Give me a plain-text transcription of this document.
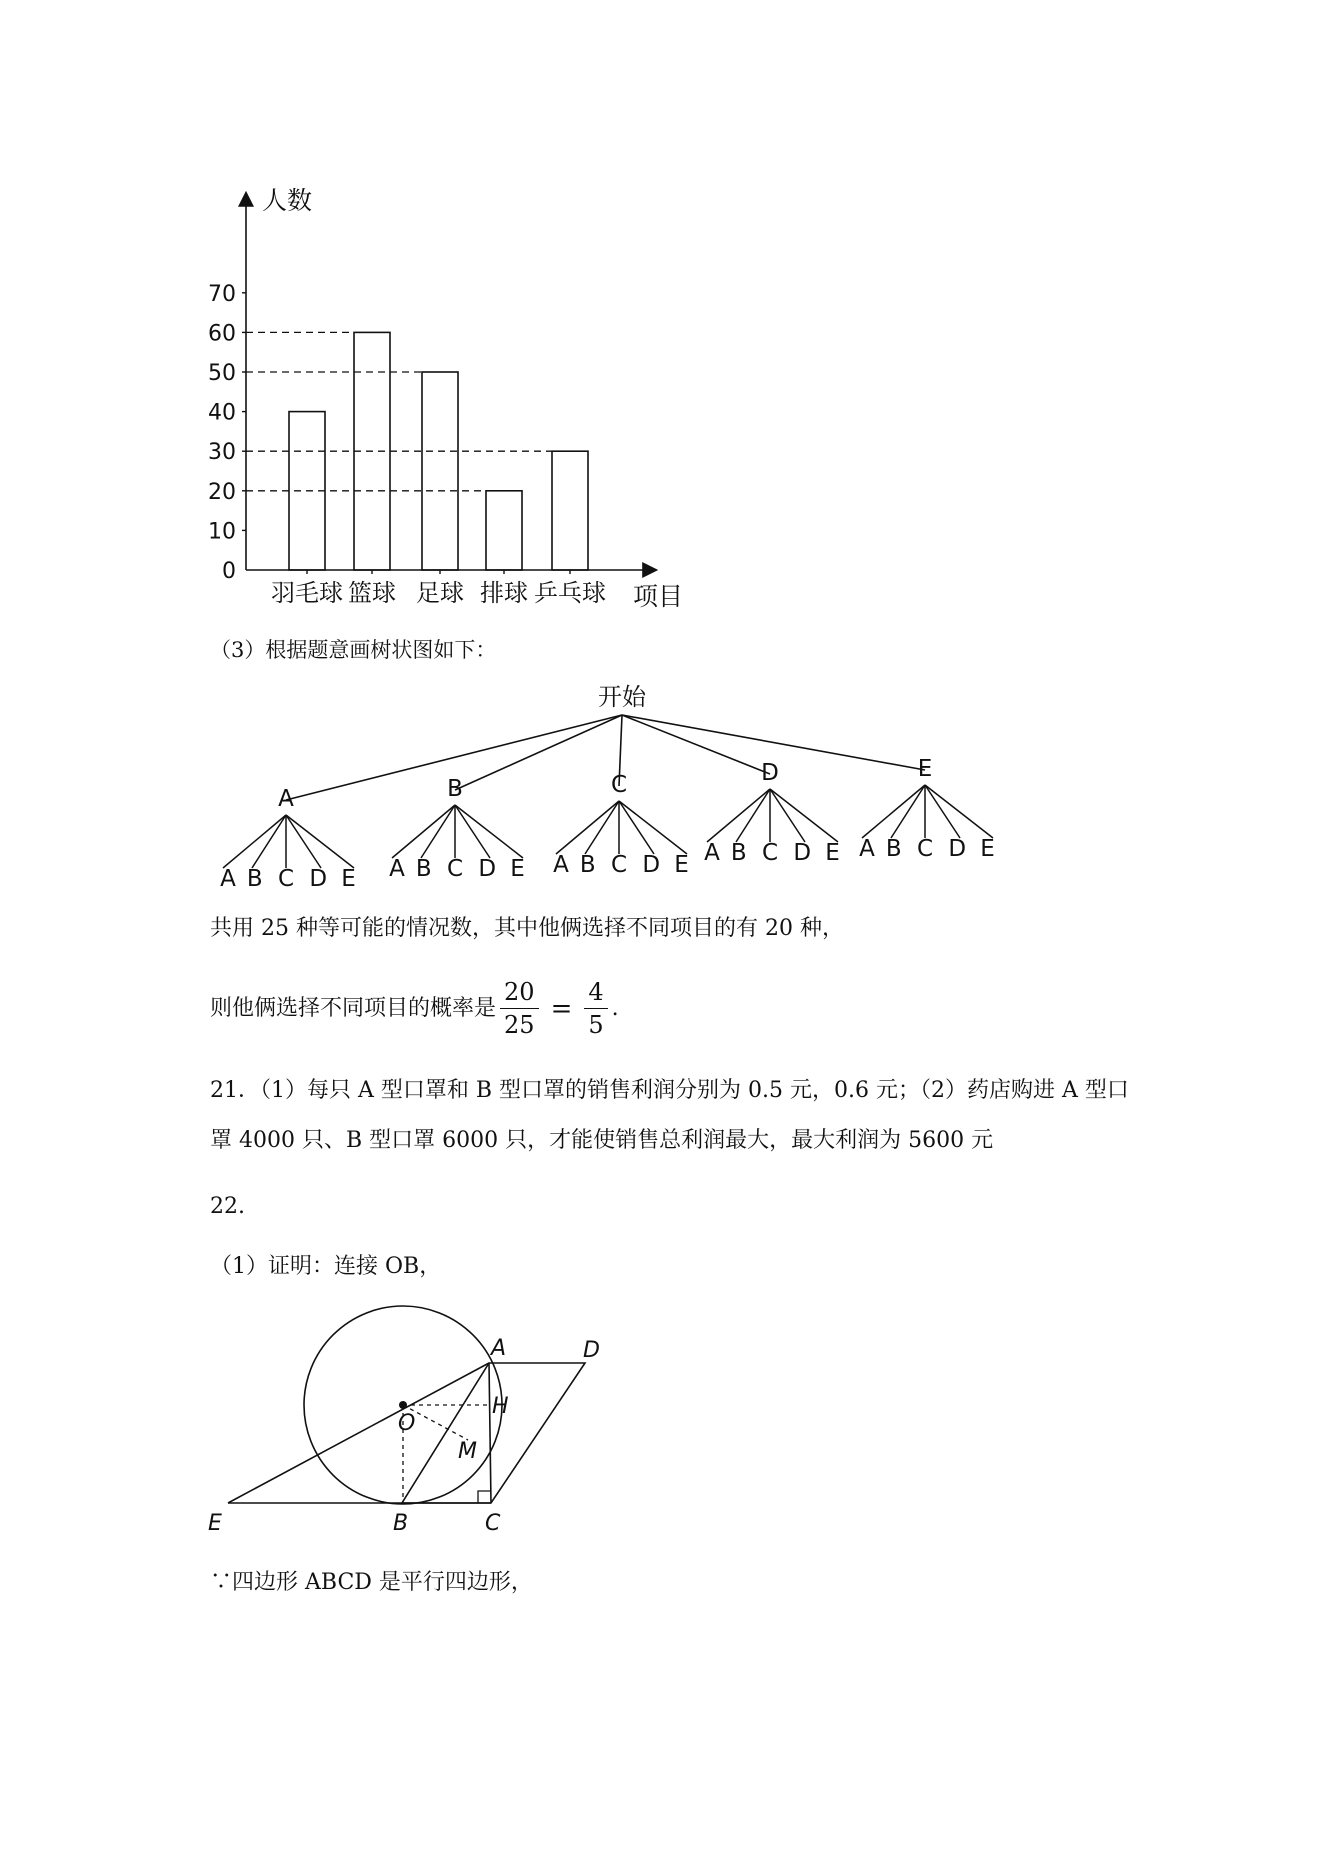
0
10
20
30
40
50
60
70
羽毛球 篮球 足球 排球 乒乓球
人数
项目
（3）根据题意画树状图如下：
开始
A
A B C D E
B
A B C D E
C
A B C D E
D
A B C D E
E
A B C D E
共用 25 种等可能的情况数，其中他俩选择不同项目的有 20 种，
则他俩选择不同项目的概率是 $\frac{20}{25} = \frac{4}{5}$ .
21．（1）每只 A 型口罩和 B 型口罩的销售利润分别为 0.5 元，0.6 元；（2）药店购进 A 型口
罩 4000 只、B 型口罩 6000 只，才能使销售总利润最大，最大利润为 5600 元
22.
（1）证明：连接 OB，
A	D
H
O
M
E	B	C
∵四边形 ABCD 是平行四边形，
